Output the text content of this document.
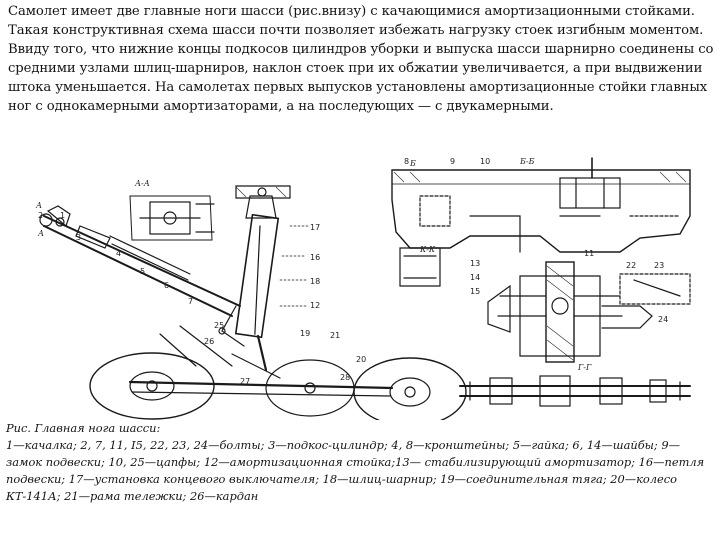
Самолет имеет две главные ноги шасси (рис.внизу) с качающимися амортизационными стойками. Такая конструктивная схема шасси почти позволяет избежать нагрузку стоек изгибным моментом. Ввиду того, что нижние концы подкосов цилиндров уборки и выпуска шасси шарнирно соединены со средними узлами шлиц-шарниров, наклон стоек при их обжатии увеличивается, а при выдвижении штока уменьшается. На самолетах первых выпусков установлены амортизационные стойки главных ног с однокамерными амортизаторами, а на последующих — с двукамерными.

А-А
Б-Б
К-К
Г-Г
А
А
Б
2 1
3
4
5
6
7
17
16
18
12
25
26
19
20
21
13
14
15
22 23
24
8	9	10
11
27	28

Рис. Главная нога шасси:

1—качалка; 2, 7, 11, I5, 22, 23, 24—болты; 3—подкос-цилиндр; 4, 8—кронштейны; 5—гайка; 6, 14—шайбы; 9—замок подвески; 10, 25—цапфы; 12—амортизационная стойка;13— стабилизирующий амортизатор; 16—петля подвески; 17—установка концевого выключателя; 18—шлиц-шарнир; 19—соединительная тяга; 20—колесо КТ-141А; 21—рама тележки; 26—кардан
